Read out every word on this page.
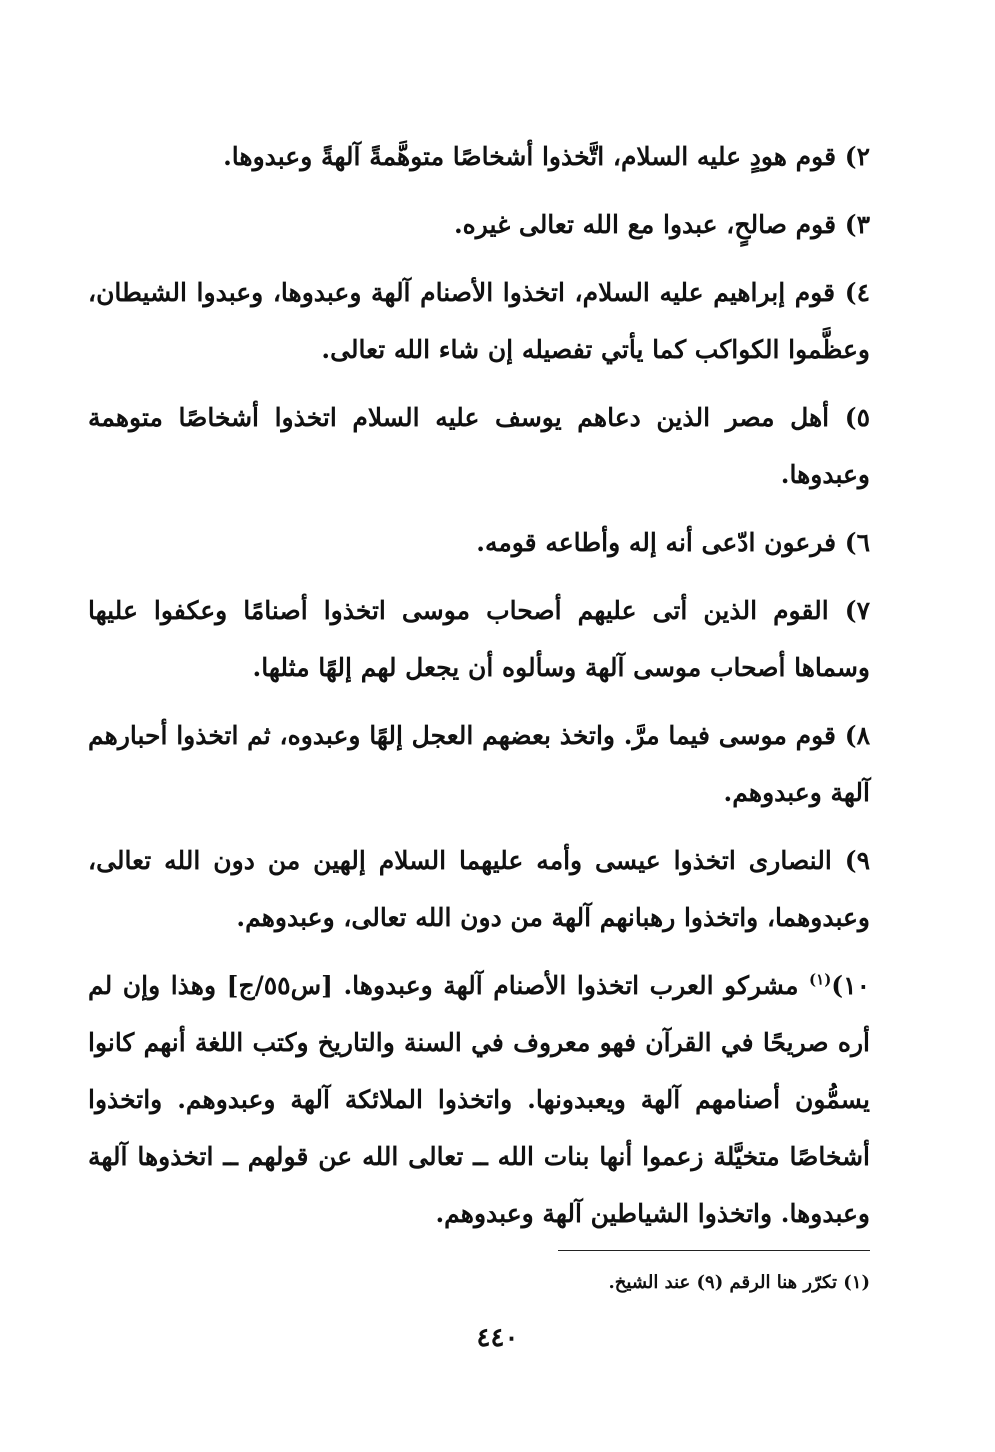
٢) قوم هودٍ عليه السلام، اتَّخذوا أشخاصًا متوهَّمةً آلهةً وعبدوها.

٣) قوم صالحٍ، عبدوا مع الله تعالى غيره.

٤) قوم إبراهيم عليه السلام، اتخذوا الأصنام آلهة وعبدوها، وعبدوا الشيطان، وعظَّموا الكواكب كما يأتي تفصيله إن شاء الله تعالى.

٥) أهل مصر الذين دعاهم يوسف عليه السلام اتخذوا أشخاصًا متوهمة وعبدوها.

٦) فرعون ادّعى أنه إله وأطاعه قومه.

٧) القوم الذين أتى عليهم أصحاب موسى اتخذوا أصنامًا وعكفوا عليها وسماها أصحاب موسى آلهة وسألوه أن يجعل لهم إلهًا مثلها.

٨) قوم موسى فيما مرَّ. واتخذ بعضهم العجل إلهًا وعبدوه، ثم اتخذوا أحبارهم آلهة وعبدوهم.

٩) النصارى اتخذوا عيسى وأمه عليهما السلام إلهين من دون الله تعالى، وعبدوهما، واتخذوا رهبانهم آلهة من دون الله تعالى، وعبدوهم.

١٠)$^{(١)}$ مشركو العرب اتخذوا الأصنام آلهة وعبدوها. [س٥٥/ج] وهذا وإن لم أره صريحًا في القرآن فهو معروف في السنة والتاريخ وكتب اللغة أنهم كانوا يسمُّون أصنامهم آلهة ويعبدونها. واتخذوا الملائكة آلهة وعبدوهم. واتخذوا أشخاصًا متخيَّلة زعموا أنها بنات الله ــ تعالى الله عن قولهم ــ اتخذوها آلهة وعبدوها. واتخذوا الشياطين آلهة وعبدوهم.

(١) تكرّر هنا الرقم (٩) عند الشيخ.
٤٤٠
